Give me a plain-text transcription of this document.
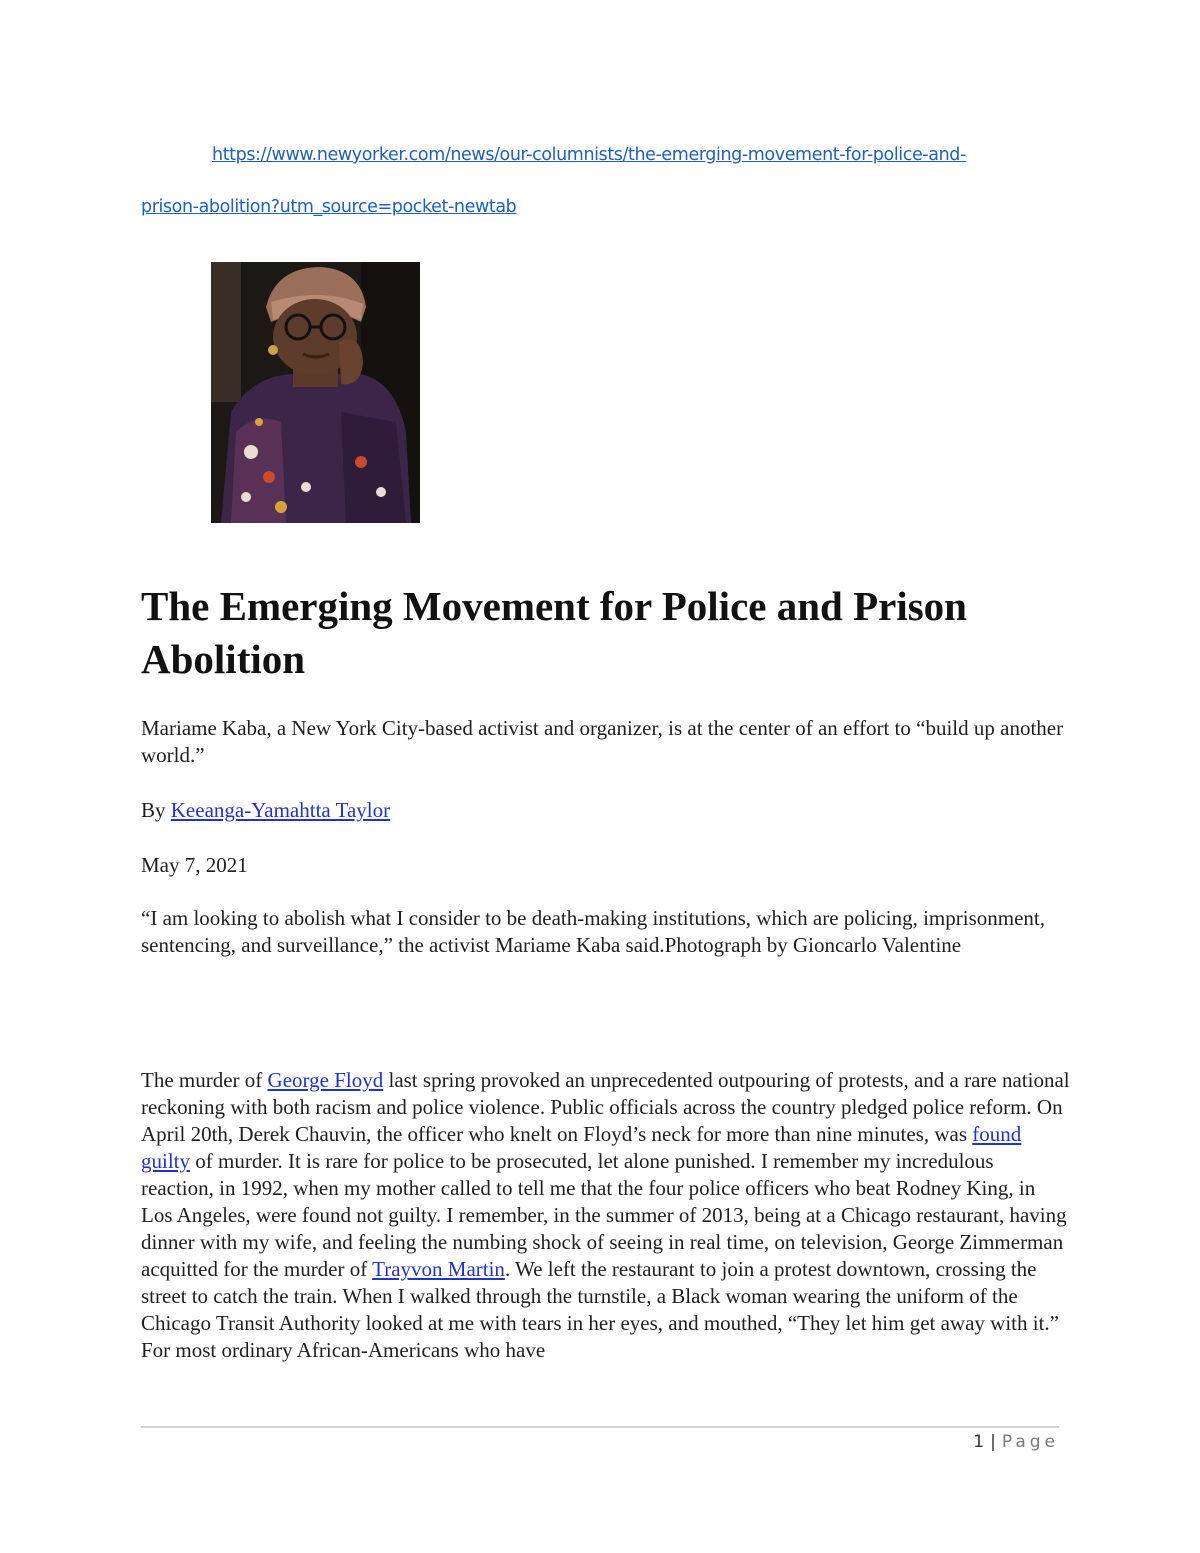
https://www.newyorker.com/news/our-columnists/the-emerging-movement-for-police-and-
prison-abolition?utm_source=pocket-newtab
The Emerging Movement for Police and Prison Abolition

Mariame Kaba, a New York City-based activist and organizer, is at the center of an effort to “build up another world.”

By Keeanga-Yamahtta Taylor

May 7, 2021

“I am looking to abolish what I consider to be death-making institutions, which are policing, imprisonment, sentencing, and surveillance,” the activist Mariame Kaba said.Photograph by Gioncarlo Valentine

The murder of George Floyd last spring provoked an unprecedented outpouring of protests, and a rare national reckoning with both racism and police violence. Public officials across the country pledged police reform. On April 20th, Derek Chauvin, the officer who knelt on Floyd’s neck for more than nine minutes, was found guilty of murder. It is rare for police to be prosecuted, let alone punished. I remember my incredulous reaction, in 1992, when my mother called to tell me that the four police officers who beat Rodney King, in Los Angeles, were found not guilty. I remember, in the summer of 2013, being at a Chicago restaurant, having dinner with my wife, and feeling the numbing shock of seeing in real time, on television, George Zimmerman acquitted for the murder of Trayvon Martin. We left the restaurant to join a protest downtown, crossing the street to catch the train. When I walked through the turnstile, a Black woman wearing the uniform of the Chicago Transit Authority looked at me with tears in her eyes, and mouthed, “They let him get away with it.” For most ordinary African-Americans who have

1 | Page
